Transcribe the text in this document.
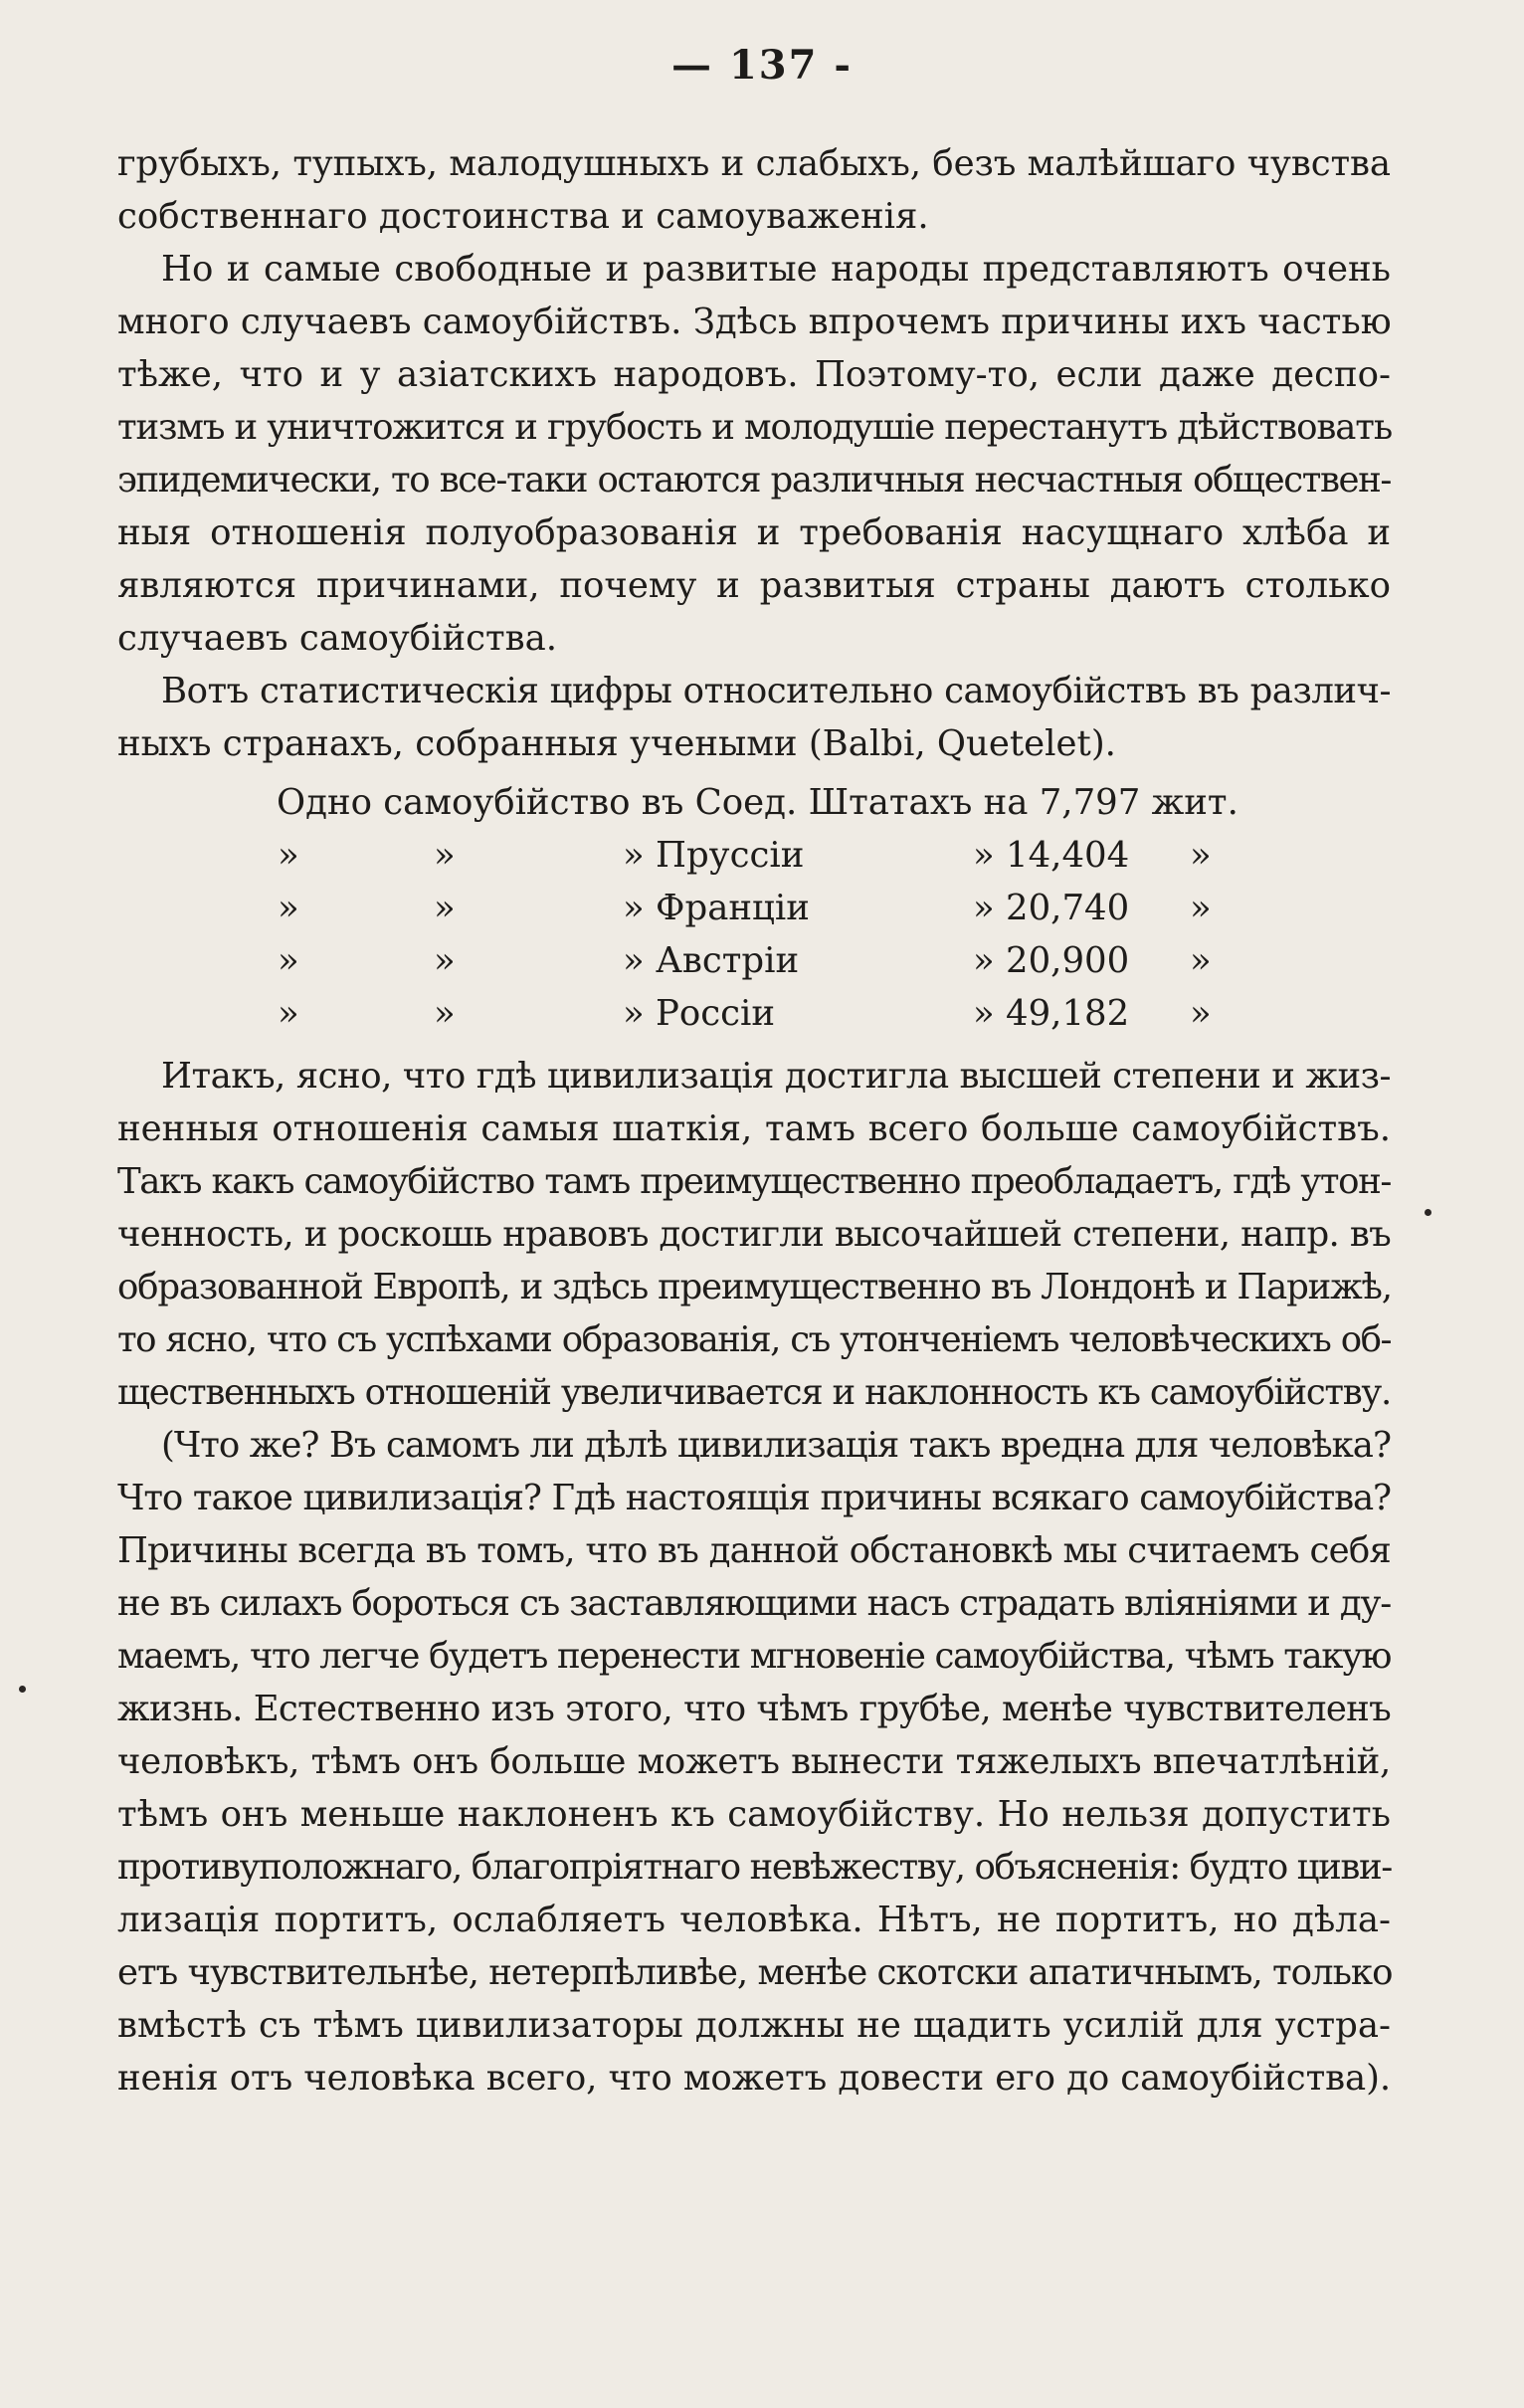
— 137 -
грубыхъ, тупыхъ, малодушныхъ и слабыхъ, безъ малѣйшаго чувства
собственнаго достоинства и самоуваженія.
Но и самые свободные и развитые народы представляютъ очень
много случаевъ самоубійствъ. Здѣсь впрочемъ причины ихъ частью
тѣже, что и у азіатскихъ народовъ. Поэтому-то, если даже деспо-
тизмъ и уничтожится и грубость и молодушіе перестанутъ дѣйствовать
эпидемически, то все-таки остаются различныя несчастныя обществен-
ныя отношенія полуобразованія и требованія насущнаго хлѣба и
являются причинами, почему и развитыя страны даютъ столько
случаевъ самоубійства.
Вотъ статистическія цифры относительно самоубійствъ въ различ-
ныхъ странахъ, собранныя учеными (Balbi, Quetelet).
Одно самоубійство въ Соед. Штатахъ на 7,797 жит.
»	»	» Пруссіи	» 14,404 »
»	»	» Франціи	» 20,740 »
»	»	» Австріи	» 20,900 »
»	»	» Россіи	» 49,182 »
Итакъ, ясно, что гдѣ цивилизація достигла высшей степени и жиз-
ненныя отношенія самыя шаткія, тамъ всего больше самоубійствъ.
Такъ какъ самоубійство тамъ преимущественно преобладаетъ, гдѣ утон-
ченность, и роскошь нравовъ достигли высочайшей степени, напр. въ
образованной Европѣ, и здѣсь преимущественно въ Лондонѣ и Парижѣ,
то ясно, что съ успѣхами образованія, съ утонченіемъ человѣческихъ об-
щественныхъ отношеній увеличивается и наклонность къ самоубійству.
(Что же? Въ самомъ ли дѣлѣ цивилизація такъ вредна для человѣка?
Что такое цивилизація? Гдѣ настоящія причины всякаго самоубійства?
Причины всегда въ томъ, что въ данной обстановкѣ мы считаемъ себя
не въ силахъ бороться съ заставляющими насъ страдать вліяніями и ду-
маемъ, что легче будетъ перенести мгновеніе самоубійства, чѣмъ такую
жизнь. Естественно изъ этого, что чѣмъ грубѣе, менѣе чувствителенъ
человѣкъ, тѣмъ онъ больше можетъ вынести тяжелыхъ впечатлѣній,
тѣмъ онъ меньше наклоненъ къ самоубійству. Но нельзя допустить
противуположнаго, благопріятнаго невѣжеству, объясненія: будто циви-
лизація портитъ, ослабляетъ человѣка. Нѣтъ, не портитъ, но дѣла-
етъ чувствительнѣе, нетерпѣливѣе, менѣе скотски апатичнымъ, только
вмѣстѣ съ тѣмъ цивилизаторы должны не щадить усилій для устра-
ненія отъ человѣка всего, что можетъ довести его до самоубійства).
